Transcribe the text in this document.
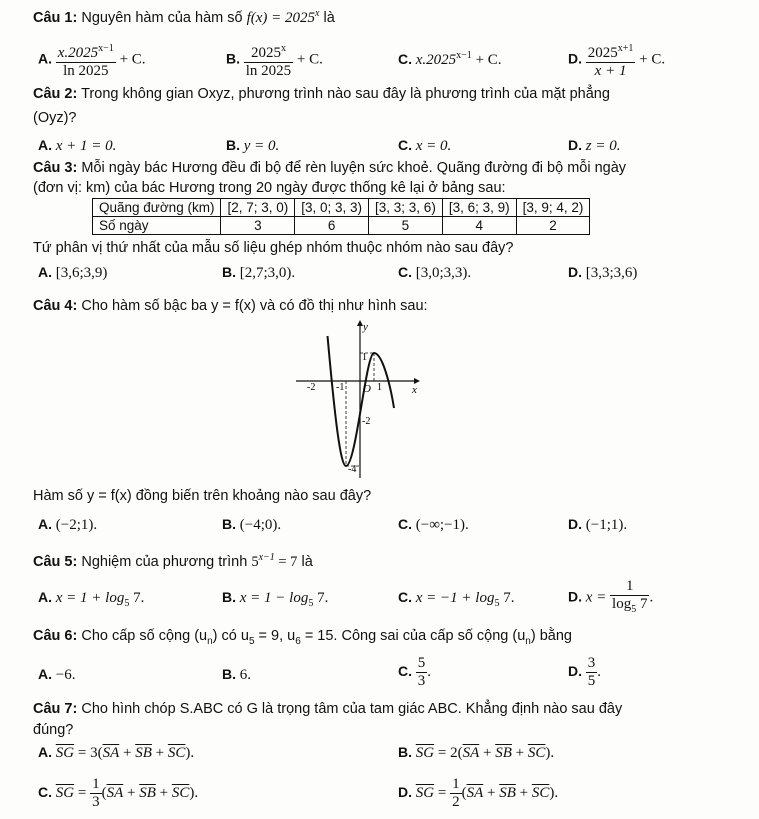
Câu 1: Nguyên hàm của hàm số $f(x) = 2025^x$ là
A. $\frac{x.2025^{x-1}}{\ln 2025} + C$.	B. $\frac{2025^x}{\ln 2025} + C$.	C. $x.2025^{x-1} + C$.	D. $\frac{2025^{x+1}}{x + 1} + C$.
Câu 2: Trong không gian Oxyz, phương trình nào sau đây là phương trình của mặt phẳng
(Oyz)?
A. x + 1 = 0.	B. y = 0.	C. x = 0.	D. z = 0.
Câu 3: Mỗi ngày bác Hương đều đi bộ để rèn luyện sức khoẻ. Quãng đường đi bộ mỗi ngày
(đơn vị: km) của bác Hương trong 20 ngày được thống kê lại ở bảng sau:
Quãng đường (km)	[2, 7; 3, 0)	[3, 0; 3, 3)	[3, 3; 3, 6)	[3, 6; 3, 9)	[3, 9; 4, 2)
Số ngày	3	6	5	4	2
Tứ phân vị thứ nhất của mẫu số liệu ghép nhóm thuộc nhóm nào sau đây?
A. [3,6;3,9)	B. [2,7;3,0).	C. [3,0;3,3).	D. [3,3;3,6)
Câu 4: Cho hàm số bậc ba y = f(x) và có đồ thị như hình sau:
y
x
O
1
-2
-4
-2 -1	1
Hàm số y = f(x) đồng biến trên khoảng nào sau đây?
A. (−2;1).	B. (−4;0).	C. (−∞;−1).	D. (−1;1).
Câu 5: Nghiệm của phương trình $5^{x-1} = 7$ là
A. $x = 1 + \log_5 7$.	B. $x = 1 - \log_5 7$.	C. $x = -1 + \log_5 7$.	D. $x = \frac{1}{\log_5 7}$ .
Câu 6: Cho cấp số cộng $(u_n)$ có $u_5 = 9$, $u_6 = 15$. Công sai của cấp số cộng $(u_n)$ bằng
A. −6.	B. 6.	C. $\frac{5}{3}$ .	D. $\frac{3}{5}$ .
Câu 7: Cho hình chóp S.ABC có G là trọng tâm của tam giác ABC. Khẳng định nào sau đây
đúng?
A. $\overline{SG} = 3(\overline{SA} + \overline{SB} + \overline{SC})$.	B. $\overline{SG} = 2(\overline{SA} + \overline{SB} + \overline{SC})$.
C. $\overline{SG} = \frac{1}{3} (\overline{SA} + \overline{SB} + \overline{SC})$.	D. $\overline{SG} = \frac{1}{2} (\overline{SA} + \overline{SB} + \overline{SC})$.
